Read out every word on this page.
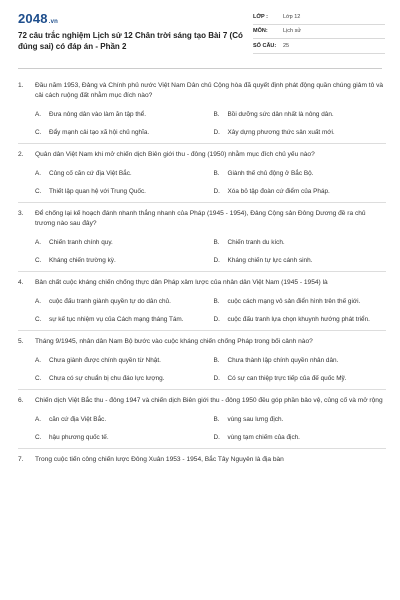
2048.vn
72 câu trắc nghiệm Lịch sử 12 Chân trời sáng tạo Bài 7 (Có đúng sai) có đáp án - Phần 2
LỚP :	Lớp 12
MÔN:	Lịch sử
SỐ CÂU:	25
1.	Đầu năm 1953, Đảng và Chính phủ nước Việt Nam Dân chủ Cộng hòa đã quyết định phát động quần chúng giảm tô và cải cách ruộng đất nhằm mục đích nào?
A.	Đưa nông dân vào làm ăn tập thể.	B.	Bồi dưỡng sức dân nhất là nông dân.
C.	Đẩy mạnh cải tạo xã hội chủ nghĩa.	D.	Xây dựng phương thức sản xuất mới.
2.	Quân dân Việt Nam khi mở chiến dịch Biên giới thu - đông (1950) nhằm mục đích chủ yếu nào?
A.	Củng cố căn cứ địa Việt Bắc.	B.	Giành thế chủ động ở Bắc Bộ.
C.	Thiết lập quan hệ với Trung Quốc.	D.	Xóa bỏ tập đoàn cứ điểm của Pháp.
3.	Để chống lại kế hoạch đánh nhanh thắng nhanh của Pháp (1945 - 1954), Đảng Cộng sản Đông Dương đề ra chủ trương nào sau đây?
A.	Chiến tranh chính quy.	B.	Chiến tranh du kích.
C.	Kháng chiến trường kỳ.	D.	Kháng chiến tự lực cánh sinh.
4.	Bản chất cuộc kháng chiến chống thực dân Pháp xâm lược của nhân dân Việt Nam (1945 - 1954) là
A.	cuộc đấu tranh giành quyền tự do dân chủ.	B.	cuộc cách mạng vô sản điển hình trên thế giới.
C.	sự kế tục nhiệm vụ của Cách mạng tháng Tám.	D.	cuộc đấu tranh lựa chọn khuynh hướng phát triển.
5.	Tháng 9/1945, nhân dân Nam Bộ bước vào cuộc kháng chiến chống Pháp trong bối cảnh nào?
A.	Chưa giành được chính quyền từ Nhật.	B.	Chưa thành lập chính quyền nhân dân.
C.	Chưa có sự chuẩn bị chu đáo lực lượng.	D.	Có sự can thiệp trực tiếp của đế quốc Mỹ.
6.	Chiến dịch Việt Bắc thu - đông 1947 và chiến dịch Biên giới thu - đông 1950 đều góp phần bảo vệ, củng cố và mở rộng
A.	căn cứ địa Việt Bắc.	B.	vùng sau lưng địch.
C.	hậu phương quốc tế.	D.	vùng tạm chiếm của địch.
7.	Trong cuộc tiến công chiến lược Đông Xuân 1953 - 1954, Bắc Tây Nguyên là địa bàn
